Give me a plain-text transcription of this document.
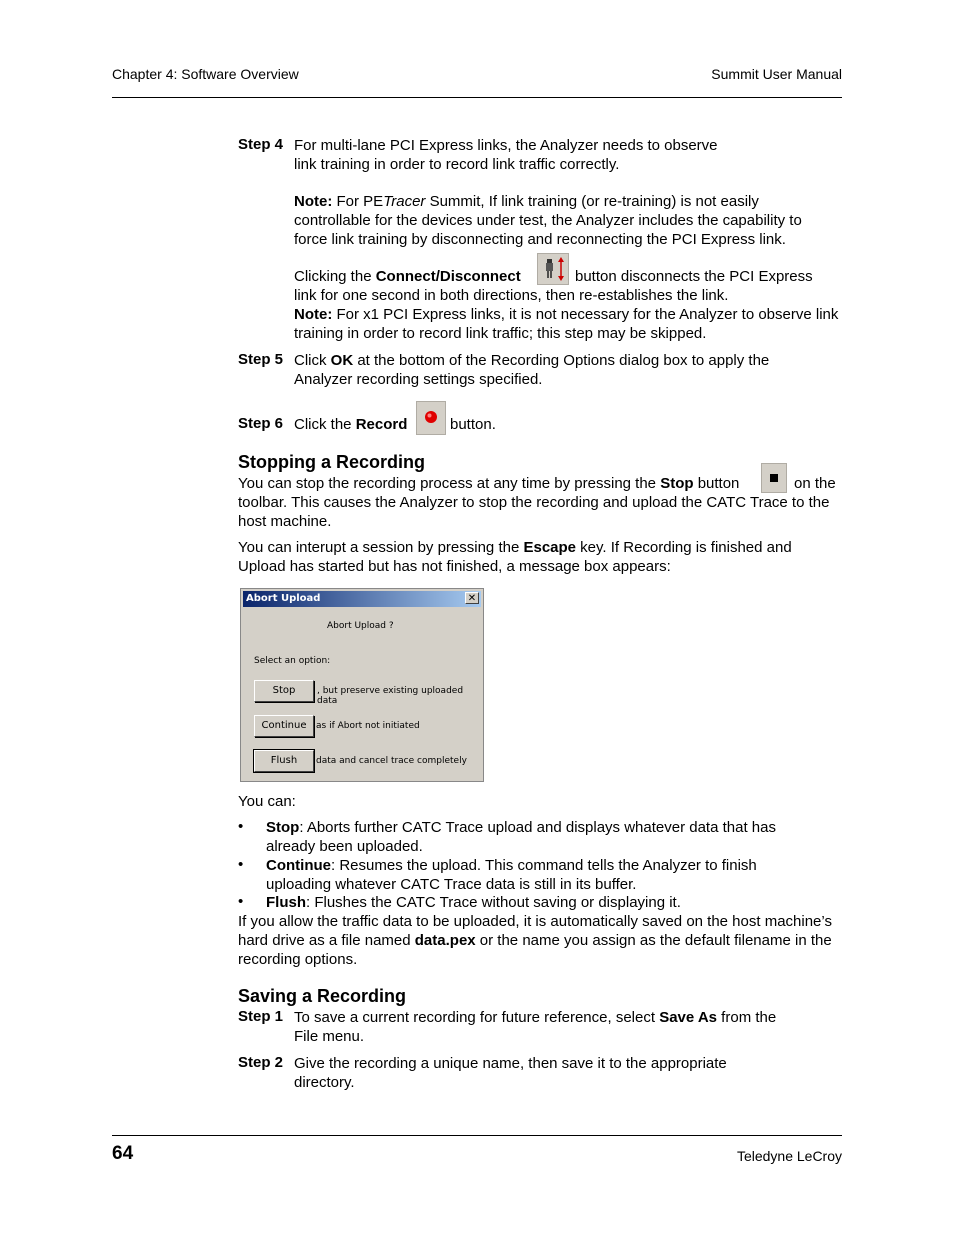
Chapter 4: Software Overview	Summit User Manual
Step 4 For multi-lane PCI Express links, the Analyzer needs to observe link training in order to record link traffic correctly.
Note: For PETracer Summit, If link training (or re-training) is not easily controllable for the devices under test, the Analyzer includes the capability to force link training by disconnecting and reconnecting the PCI Express link.
Clicking the Connect/Disconnect	button disconnects the PCI Express
link for one second in both directions, then re-establishes the link.
Note: For x1 PCI Express links, it is not necessary for the Analyzer to observe link training in order to record link traffic; this step may be skipped.
Step 5 Click OK at the bottom of the Recording Options dialog box to apply the Analyzer recording settings specified.
Step 6 Click the Record	button.
Stopping a Recording
You can stop the recording process at any time by pressing the Stop button	on the
toolbar. This causes the Analyzer to stop the recording and upload the CATC Trace to the host machine.
You can interupt a session by pressing the Escape key. If Recording is finished and Upload has started but has not finished, a message box appears:
Abort Upload	✕
Abort Upload ?
Select an option:
Stop	, but preserve existing uploaded data
Continue	as if Abort not initiated
Flush	data and cancel trace completely
You can:
• Stop: Aborts further CATC Trace upload and displays whatever data that has already been uploaded.
• Continue: Resumes the upload. This command tells the Analyzer to finish uploading whatever CATC Trace data is still in its buffer.
• Flush: Flushes the CATC Trace without saving or displaying it.
If you allow the traffic data to be uploaded, it is automatically saved on the host machine’s hard drive as a file named data.pex or the name you assign as the default filename in the recording options.
Saving a Recording
Step 1 To save a current recording for future reference, select Save As from the File menu.
Step 2 Give the recording a unique name, then save it to the appropriate directory.
64	Teledyne LeCroy
